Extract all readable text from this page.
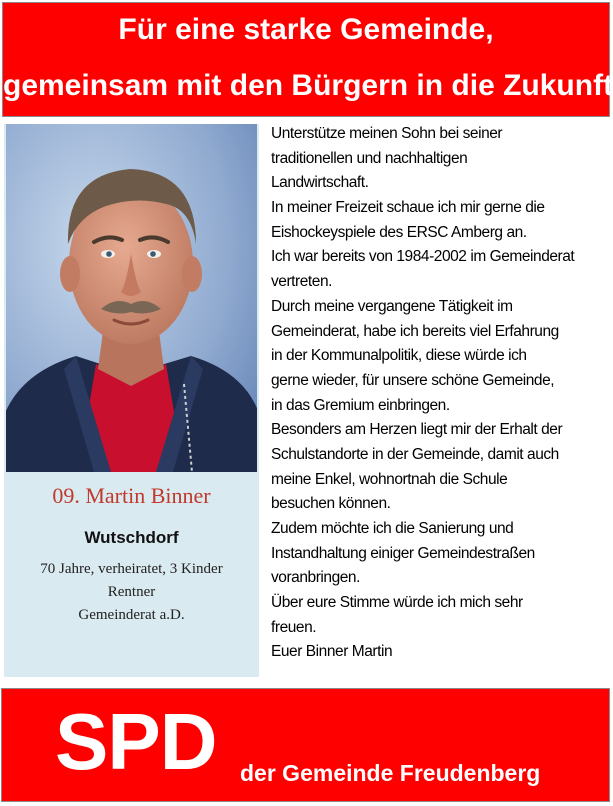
Für eine starke Gemeinde,
gemeinsam mit den Bürgern in die Zukunft
09. Martin Binner
Wutschdorf
70 Jahre, verheiratet, 3 Kinder
Rentner
Gemeinderat a.D.
Unterstütze meinen Sohn bei seiner
traditionellen und nachhaltigen
Landwirtschaft.
In meiner Freizeit schaue ich mir gerne die
Eishockeyspiele des ERSC Amberg an.
Ich war bereits von 1984-2002 im Gemeinderat
vertreten.
Durch meine vergangene Tätigkeit im
Gemeinderat, habe ich bereits viel Erfahrung
in der Kommunalpolitik, diese würde ich
gerne wieder, für unsere schöne Gemeinde,
in das Gremium einbringen.
Besonders am Herzen liegt mir der Erhalt der
Schulstandorte in der Gemeinde, damit auch
meine Enkel, wohnortnah die Schule
besuchen können.
Zudem möchte ich die Sanierung und
Instandhaltung einiger Gemeindestraßen
voranbringen.
Über eure Stimme würde ich mich sehr
freuen.
Euer Binner Martin
SPD der Gemeinde Freudenberg
